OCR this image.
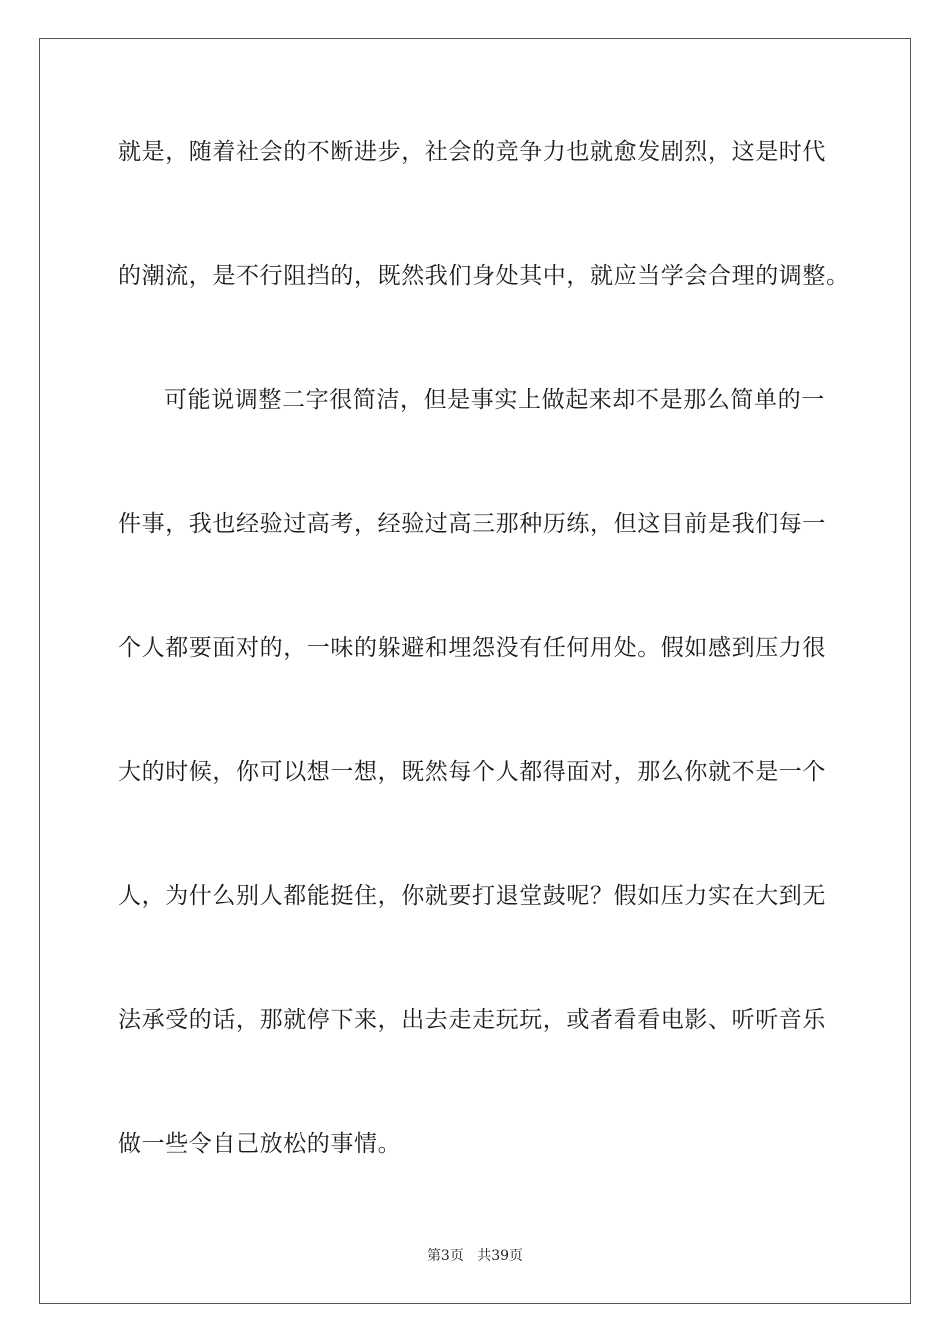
就是，随着社会的不断进步，社会的竞争力也就愈发剧烈，这是时代
的潮流，是不行阻挡的，既然我们身处其中，就应当学会合理的调整。
可能说调整二字很简洁，但是事实上做起来却不是那么简单的一
件事，我也经验过高考，经验过高三那种历练，但这目前是我们每一
个人都要面对的，一味的躲避和埋怨没有任何用处。假如感到压力很
大的时候，你可以想一想，既然每个人都得面对，那么你就不是一个
人，为什么别人都能挺住，你就要打退堂鼓呢？假如压力实在大到无
法承受的话，那就停下来，出去走走玩玩，或者看看电影、听听音乐
做一些令自己放松的事情。
第3页 共39页
